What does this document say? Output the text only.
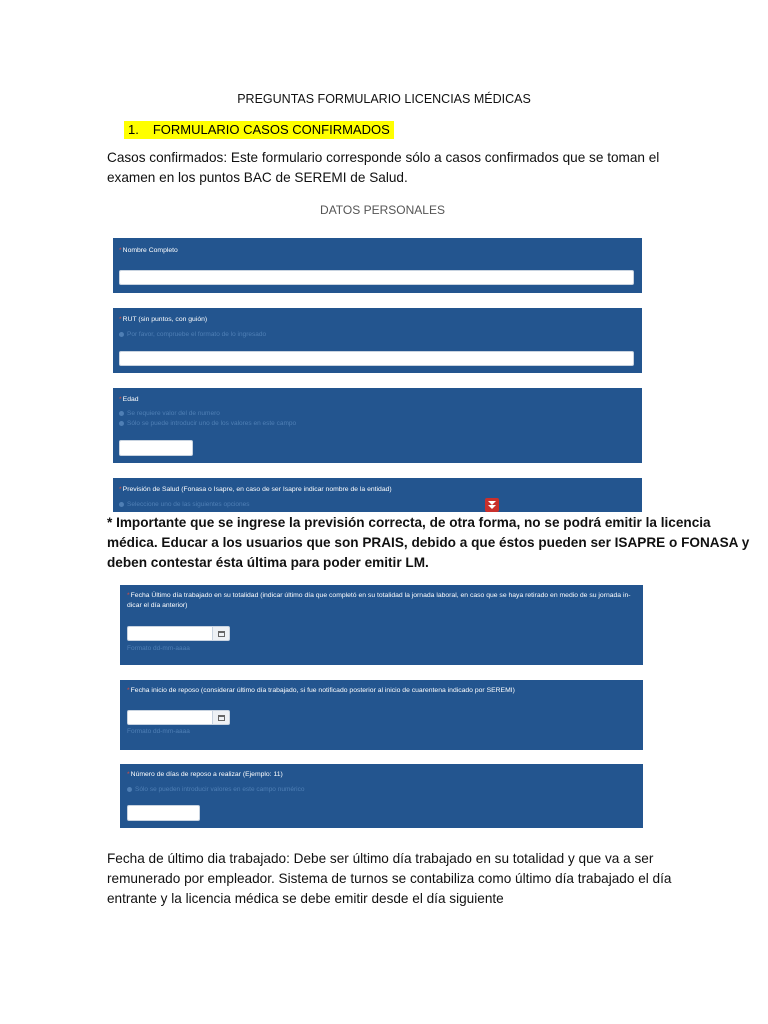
PREGUNTAS FORMULARIO LICENCIAS MÉDICAS
1. FORMULARIO CASOS CONFIRMADOS
Casos confirmados: Este formulario corresponde sólo a casos confirmados que se toman el
examen en los puntos BAC de SEREMI de Salud.
DATOS PERSONALES
*Nombre Completo
*RUT (sin puntos, con guión)
Por favor, compruebe el formato de lo ingresado
*Edad
Se requiere valor del de numero
Sólo se puede introducir uno de los valores en este campo
*Previsión de Salud (Fonasa o Isapre, en caso de ser Isapre indicar nombre de la entidad)
Seleccione uno de las siguientes opciones
* Importante que se ingrese la previsión correcta, de otra forma, no se podrá emitir la licencia
médica. Educar a los usuarios que son PRAIS, debido a que éstos pueden ser ISAPRE o FONASA y
deben contestar ésta última para poder emitir LM.
*Fecha Último día trabajado en su totalidad (indicar último día que completó en su totalidad la jornada laboral, en caso que se haya retirado en medio de su jornada in-
dicar el día anterior)
Formato dd-mm-aaaa
*Fecha inicio de reposo (considerar último día trabajado, si fue notificado posterior al inicio de cuarentena indicado por SEREMI)
Formato dd-mm-aaaa
*Número de días de reposo a realizar (Ejemplo: 11)
Sólo se pueden introducir valores en este campo numérico
Fecha de último dia trabajado: Debe ser último día trabajado en su totalidad y que va a ser
remunerado por empleador. Sistema de turnos se contabiliza como último día trabajado el día
entrante y la licencia médica se debe emitir desde el día siguiente
